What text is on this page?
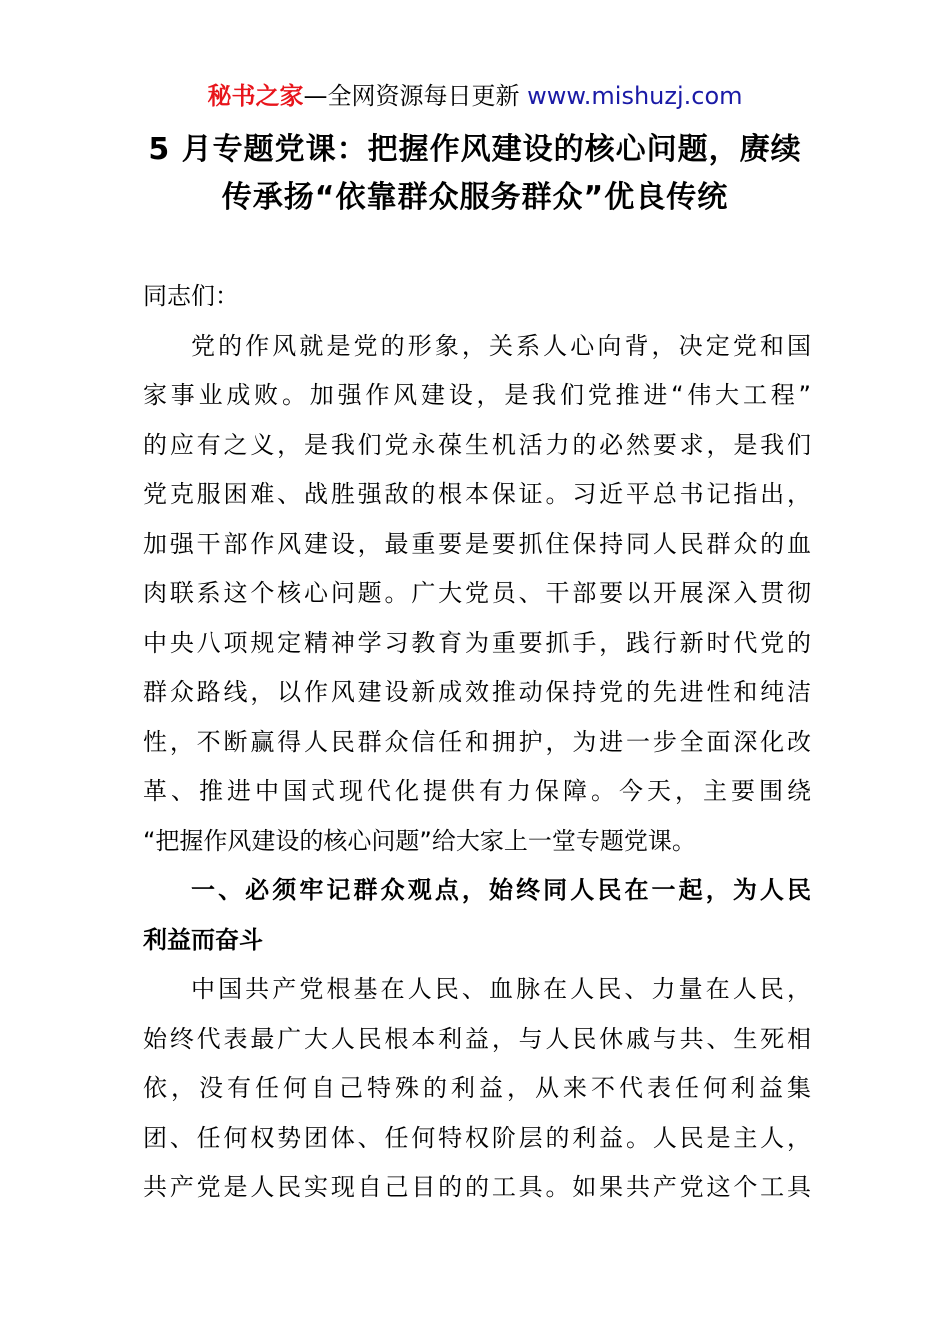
秘书之家—全网资源每日更新 www.mishuzj.com
5 月专题党课：把握作风建设的核心问题，赓续
传承扬“依靠群众服务群众”优良传统
同志们：
党的作风就是党的形象，关系人心向背，决定党和国
家事业成败。加强作风建设，是我们党推进“伟大工程”
的应有之义，是我们党永葆生机活力的必然要求，是我们
党克服困难、战胜强敌的根本保证。习近平总书记指出，
加强干部作风建设，最重要是要抓住保持同人民群众的血
肉联系这个核心问题。广大党员、干部要以开展深入贯彻
中央八项规定精神学习教育为重要抓手，践行新时代党的
群众路线，以作风建设新成效推动保持党的先进性和纯洁
性，不断赢得人民群众信任和拥护，为进一步全面深化改
革、推进中国式现代化提供有力保障。今天，主要围绕
“把握作风建设的核心问题”给大家上一堂专题党课。
一、必须牢记群众观点，始终同人民在一起，为人民
利益而奋斗
中国共产党根基在人民、血脉在人民、力量在人民，
始终代表最广大人民根本利益，与人民休戚与共、生死相
依，没有任何自己特殊的利益，从来不代表任何利益集
团、任何权势团体、任何特权阶层的利益。人民是主人，
共产党是人民实现自己目的的工具。如果共产党这个工具
